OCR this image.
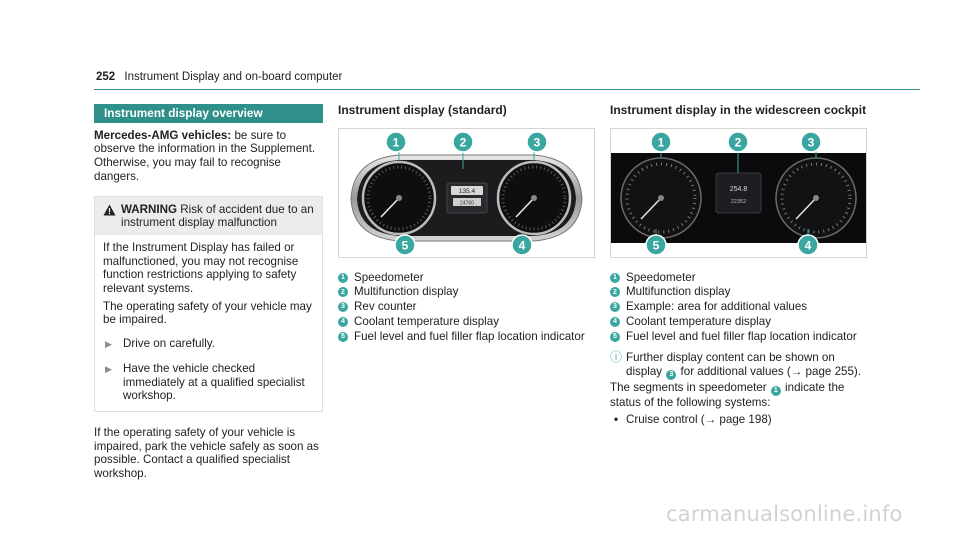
252 Instrument Display and on-board computer
Instrument display overview
Mercedes-AMG vehicles: be sure to observe the information in the Supplement. Otherwise, you may fail to recognise dangers.
WARNING Risk of accident due to an instrument display malfunction
If the Instrument Display has failed or malfunctioned, you may not recognise function restrictions applying to safety relevant systems.
The operating safety of your vehicle may be impaired.
▶ Drive on carefully.
▶ Have the vehicle checked immediately at a qualified specialist workshop.
If the operating safety of your vehicle is impaired, park the vehicle safely as soon as possible. Contact a qualified specialist workshop.
Instrument display (standard)
135.4
24760
1	2	3
4
5
1 Speedometer
2 Multifunction display
3 Rev counter
4 Coolant temperature display
5 Fuel level and fuel filler flap location indicator
Instrument display in the widescreen cockpit
254.8
22352
1	2	3
4
5
1 Speedometer
2 Multifunction display
3 Example: area for additional values
4 Coolant temperature display
5 Fuel level and fuel filler flap location indicator
ⓘ Further display content can be shown on display 3 for additional values (→ page 255).
The segments in speedometer 1 indicate the status of the following systems:
• Cruise control (→ page 198)
carmanualsonline.info
